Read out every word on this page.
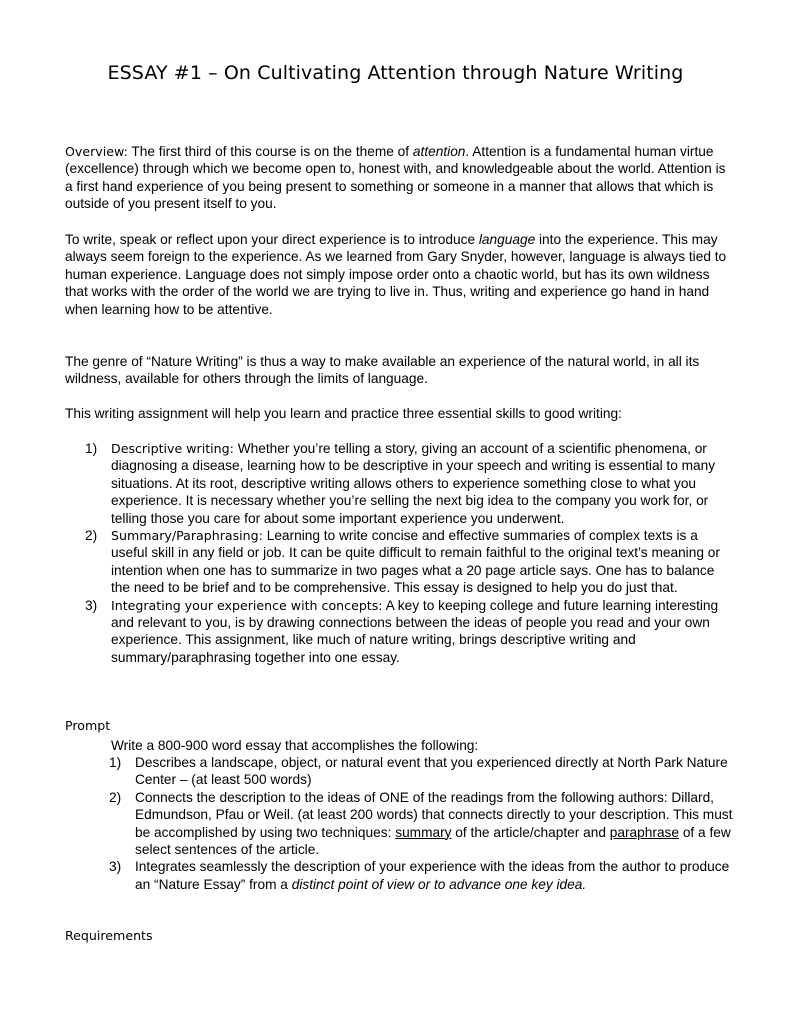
ESSAY #1 – On Cultivating Attention through Nature Writing

Overview: The first third of this course is on the theme of attention. Attention is a fundamental human virtue (excellence) through which we become open to, honest with, and knowledgeable about the world. Attention is a first hand experience of you being present to something or someone in a manner that allows that which is outside of you present itself to you.

To write, speak or reflect upon your direct experience is to introduce language into the experience. This may always seem foreign to the experience. As we learned from Gary Snyder, however, language is always tied to human experience. Language does not simply impose order onto a chaotic world, but has its own wildness that works with the order of the world we are trying to live in. Thus, writing and experience go hand in hand when learning how to be attentive.

The genre of “Nature Writing” is thus a way to make available an experience of the natural world, in all its wildness, available for others through the limits of language.

This writing assignment will help you learn and practice three essential skills to good writing:

1) Descriptive writing: Whether you’re telling a story, giving an account of a scientific phenomena, or diagnosing a disease, learning how to be descriptive in your speech and writing is essential to many situations. At its root, descriptive writing allows others to experience something close to what you experience. It is necessary whether you’re selling the next big idea to the company you work for, or telling those you care for about some important experience you underwent.
2) Summary/Paraphrasing: Learning to write concise and effective summaries of complex texts is a useful skill in any field or job. It can be quite difficult to remain faithful to the original text’s meaning or intention when one has to summarize in two pages what a 20 page article says. One has to balance the need to be brief and to be comprehensive. This essay is designed to help you do just that.
3) Integrating your experience with concepts: A key to keeping college and future learning interesting and relevant to you, is by drawing connections between the ideas of people you read and your own experience. This assignment, like much of nature writing, brings descriptive writing and summary/paraphrasing together into one essay.
Prompt

Write a 800-900 word essay that accomplishes the following:

1) Describes a landscape, object, or natural event that you experienced directly at North Park Nature Center – (at least 500 words)
2) Connects the description to the ideas of ONE of the readings from the following authors: Dillard, Edmundson, Pfau or Weil. (at least 200 words) that connects directly to your description. This must be accomplished by using two techniques: summary of the article/chapter and paraphrase of a few select sentences of the article.
3) Integrates seamlessly the description of your experience with the ideas from the author to produce an “Nature Essay” from a distinct point of view or to advance one key idea.
Requirements
